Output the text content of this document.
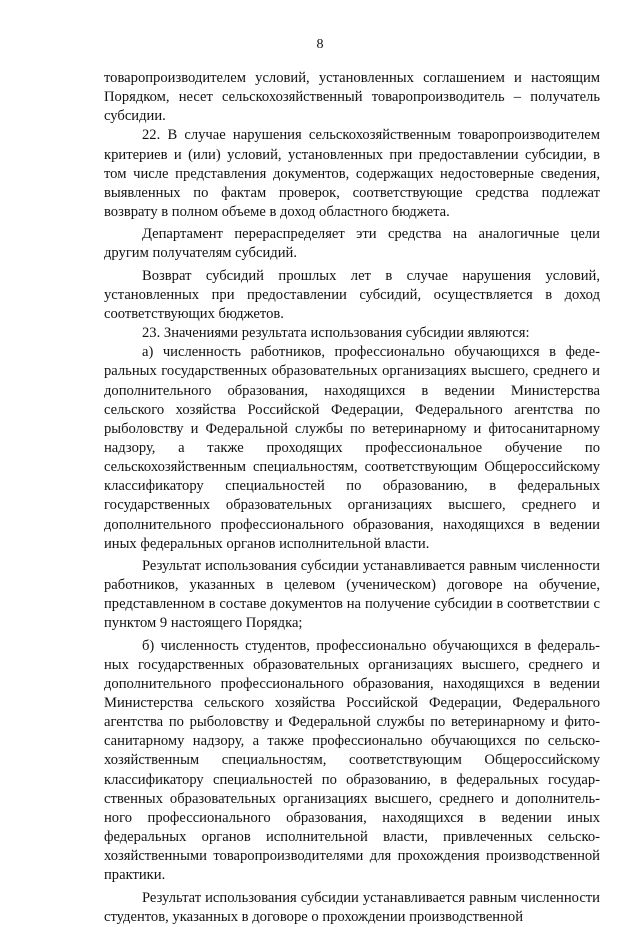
8

товаропроизводителем условий, установленных соглашением и настоящим Порядком, несет сельскохозяйственный товаропроизводитель – получатель субсидии.

22. В случае нарушения сельскохозяйственным товаропроизводителем критериев и (или) условий, установленных при предоставлении субсидии, в том числе представления документов, содержащих недостоверные сведения, выявленных по фактам проверок, соответствующие средства подлежат возврату в полном объеме в доход областного бюджета.

Департамент перераспределяет эти средства на аналогичные цели другим получателям субсидий.

Возврат субсидий прошлых лет в случае нарушения условий, установленных при предоставлении субсидий, осуществляется в доход соответствующих бюджетов.

23. Значениями результата использования субсидии являются:

а) численность работников, профессионально обучающихся в федеральных государственных образовательных организациях высшего, среднего и дополнительного образования, находящихся в ведении Министерства сельского хозяйства Российской Федерации, Федерального агентства по рыболовству и Федеральной службы по ветеринарному и фитосанитарному надзору, а также проходящих профессиональное обучение по сельскохозяйственным специальностям, соответствующим Общероссийскому классификатору специальностей по образованию, в федеральных государственных образовательных организациях высшего, среднего и дополнительного профессионального образования, находящихся в ведении иных федеральных органов исполнительной власти.

Результат использования субсидии устанавливается равным численности работников, указанных в целевом (ученическом) договоре на обучение, представленном в составе документов на получение субсидии в соответствии с пунктом 9 настоящего Порядка;

б) численность студентов, профессионально обучающихся в федеральных государственных образовательных организациях высшего, среднего и дополнительного профессионального образования, находящихся в ведении Министерства сельского хозяйства Российской Федерации, Федерального агентства по рыболовству и Федеральной службы по ветеринарному и фитосанитарному надзору, а также профессионально обучающихся по сельскохозяйственным специальностям, соответствующим Общероссийскому классификатору специальностей по образованию, в федеральных государственных образовательных организациях высшего, среднего и дополнительного профессионального образования, находящихся в ведении иных федеральных органов исполнительной власти, привлеченных сельскохозяйственными товаропроизводителями для прохождения производственной практики.

Результат использования субсидии устанавливается равным численности студентов, указанных в договоре о прохождении производственной
